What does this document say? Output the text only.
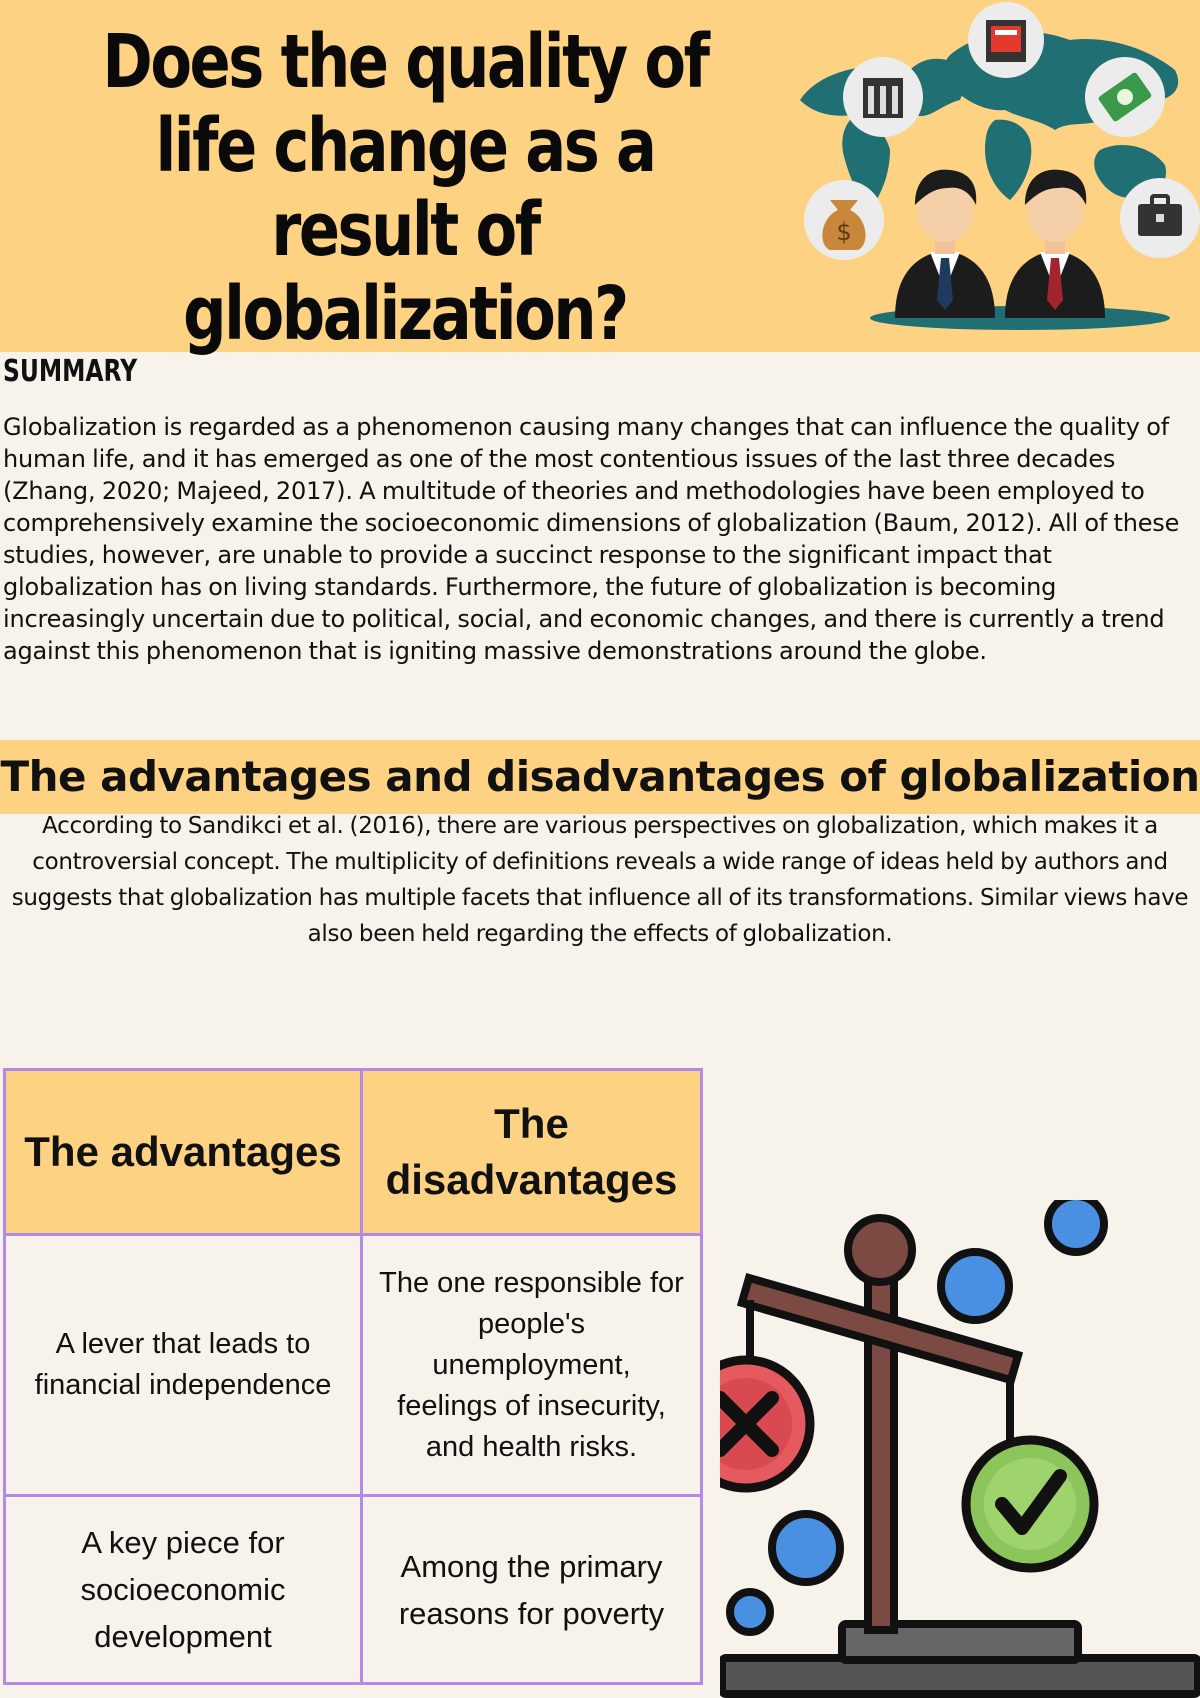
Does the quality of life change as a result of globalization?
$
SUMMARY

Globalization is regarded as a phenomenon causing many changes that can influence the quality of human life, and it has emerged as one of the most contentious issues of the last three decades (Zhang, 2020; Majeed, 2017). A multitude of theories and methodologies have been employed to comprehensively examine the socioeconomic dimensions of globalization (Baum, 2012). All of these studies, however, are unable to provide a succinct response to the significant impact that globalization has on living standards. Furthermore, the future of globalization is becoming increasingly uncertain due to political, social, and economic changes, and there is currently a trend against this phenomenon that is igniting massive demonstrations around the globe.

The advantages and disadvantages of globalization

According to Sandikci et al. (2016), there are various perspectives on globalization, which makes it a controversial concept. The multiplicity of definitions reveals a wide range of ideas held by authors and suggests that globalization has multiple facets that influence all of its transformations. Similar views have also been held regarding the effects of globalization.

The advantages	The disadvantages
A lever that leads to financial independence	The one responsible for people's unemployment, feelings of insecurity, and health risks.
A key piece for socioeconomic development	Among the primary reasons for poverty
